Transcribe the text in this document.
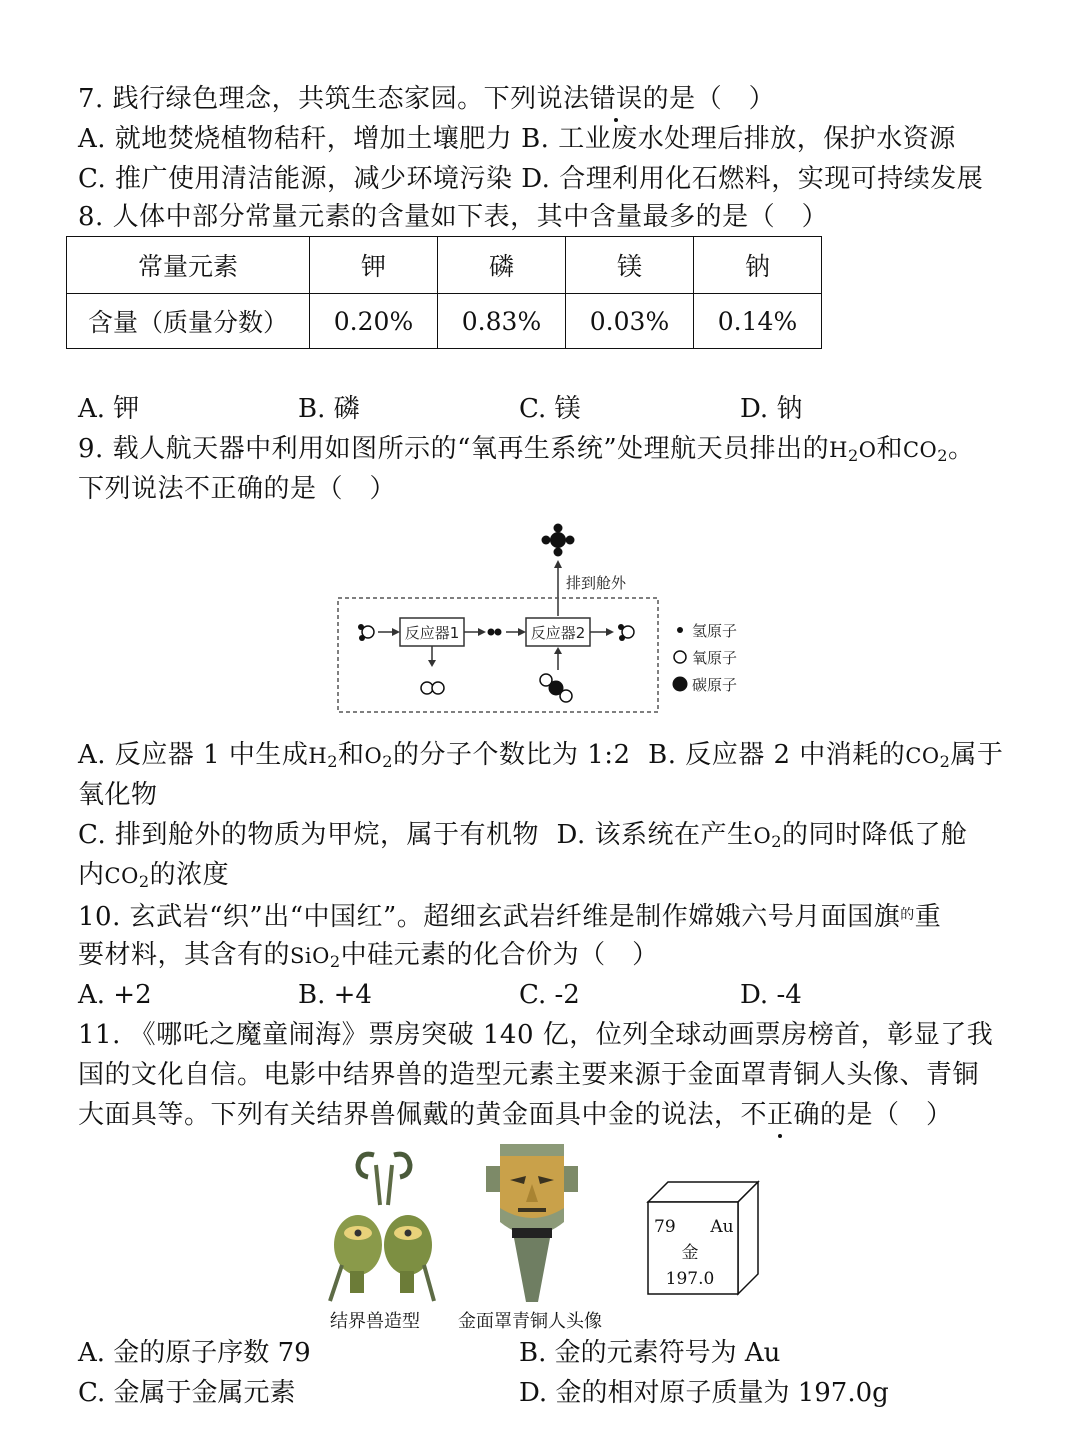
7. 践行绿色理念，共筑生态家园。下列说法错误的是（　）
A. 就地焚烧植物秸秆，增加土壤肥力 B. 工业废水处理后排放，保护水资源
C. 推广使用清洁能源，减少环境污染 D. 合理利用化石燃料，实现可持续发展
8. 人体中部分常量元素的含量如下表，其中含量最多的是（　）
常量元素	钾	磷	镁	钠
含量（质量分数）	0.20%	0.83%	0.03%	0.14%
A. 钾	B. 磷	C. 镁	D. 钠
9. 载人航天器中利用如图所示的“氧再生系统”处理航天员排出的$H_2O$和$CO_2$。
下列说法不正确的是（　）
排到舱外
反应器1	反应器2	氢原子
氧原子
碳原子
A. 反应器 1 中生成$H_2$和$O_2$的分子个数比为 1:2 B. 反应器 2 中消耗的$CO_2$属于
氧化物
C. 排到舱外的物质为甲烷，属于有机物 D. 该系统在产生$O_2$的同时降低了舱
内$CO_2$的浓度
10. 玄武岩“织”出“中国红”。超细玄武岩纤维是制作嫦娥六号月面国旗$^的$重
要材料，其含有的SiO$_2$中硅元素的化合价为（　）
A. +2	B. +4	C. -2	D. -4
11. 《哪吒之魔童闹海》票房突破 140 亿，位列全球动画票房榜首，彰显了我
国的文化自信。电影中结界兽的造型元素主要来源于金面罩青铜人头像、青铜
大面具等。下列有关结界兽佩戴的黄金面具中金的说法，不正确的是（　）
结界兽造型 金面罩青铜人头像
79 Au
金
197.0
A. 金的原子序数 79	B. 金的元素符号为 Au
C. 金属于金属元素	D. 金的相对原子质量为 197.0g
